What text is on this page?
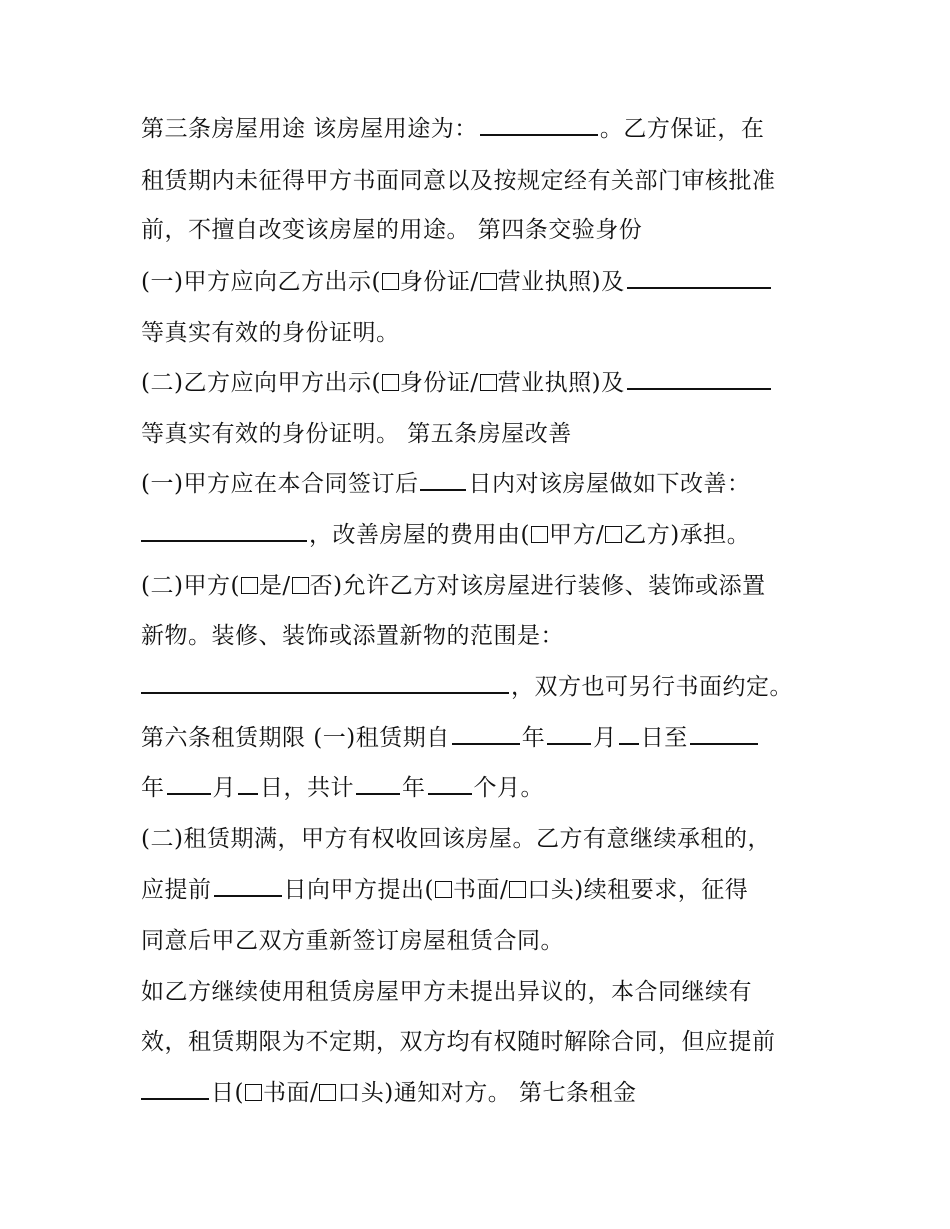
第三条房屋用途 该房屋用途为：	。乙方保证，在
租赁期内未征得甲方书面同意以及按规定经有关部门审核批准
前，不擅自改变该房屋的用途。 第四条交验身份
(一)甲方应向乙方出示( 身份证/ 营业执照)及
等真实有效的身份证明。
(二)乙方应向甲方出示( 身份证/ 营业执照)及
等真实有效的身份证明。 第五条房屋改善
(一)甲方应在本合同签订后 日内对该房屋做如下改善：
，改善房屋的费用由( 甲方/ 乙方)承担。
(二)甲方( 是/ 否)允许乙方对该房屋进行装修、装饰或添置
新物。装修、装饰或添置新物的范围是：
，双方也可另行书面约定。
第六条租赁期限 (一)租赁期自	年 月 日至
年 月 日，共计 年 个月。
(二)租赁期满，甲方有权收回该房屋。乙方有意继续承租的，
应提前	日向甲方提出( 书面/ 口头)续租要求，征得
同意后甲乙双方重新签订房屋租赁合同。
如乙方继续使用租赁房屋甲方未提出异议的，本合同继续有
效，租赁期限为不定期，双方均有权随时解除合同，但应提前
日( 书面/ 口头)通知对方。 第七条租金
